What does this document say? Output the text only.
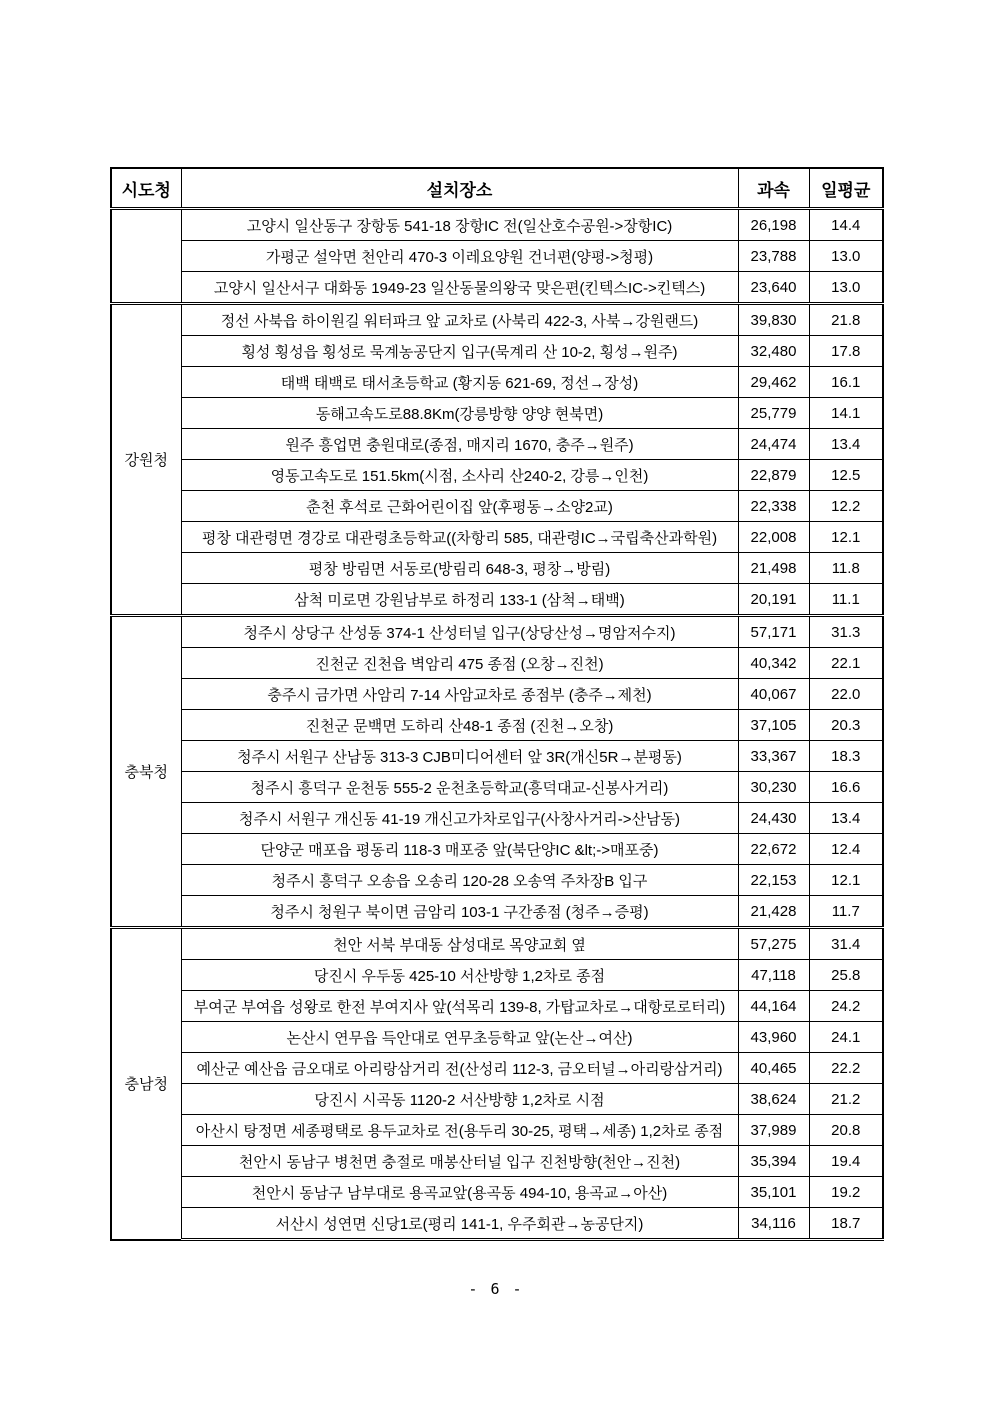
시도청	설치장소	과속	일평균
	고양시 일산동구 장항동 541-18 장항IC 전(일산호수공원->장항IC)	26,198	14.4
	가평군 설악면 천안리 470-3 이레요양원 건너편(양평->청평)	23,788	13.0
	고양시 일산서구 대화동 1949-23 일산동물의왕국 맞은편(킨텍스IC->킨텍스)	23,640	13.0
강원청	정선 사북읍 하이원길 워터파크 앞 교차로 (사북리 422-3, 사북→강원랜드)	39,830	21.8
	횡성 횡성읍 횡성로 묵계농공단지 입구(묵계리 산 10-2, 횡성→원주)	32,480	17.8
	태백 태백로 태서초등학교 (황지동 621-69, 정선→장성)	29,462	16.1
	동해고속도로88.8Km(강릉방향 양양 현북면)	25,779	14.1
	원주 흥업면 충원대로(종점, 매지리 1670, 충주→원주)	24,474	13.4
	영동고속도로 151.5km(시점, 소사리 산240-2, 강릉→인천)	22,879	12.5
	춘천 후석로 근화어린이집 앞(후평동→소양2교)	22,338	12.2
	평창 대관령면 경강로 대관령초등학교((차항리 585, 대관령IC→국립축산과학원)	22,008	12.1
	평창 방림면 서동로(방림리 648-3, 평창→방림)	21,498	11.8
	삼척 미로면 강원남부로 하정리 133-1 (삼척→태백)	20,191	11.1
충북청	청주시 상당구 산성동 374-1 산성터널 입구(상당산성→명암저수지)	57,171	31.3
	진천군 진천읍 벽암리 475 종점 (오창→진천)	40,342	22.1
	충주시 금가면 사암리 7-14 사암교차로 종점부 (충주→제천)	40,067	22.0
	진천군 문백면 도하리 산48-1 종점 (진천→오창)	37,105	20.3
	청주시 서원구 산남동 313-3 CJB미디어센터 앞 3R(개신5R→분평동)	33,367	18.3
	청주시 흥덕구 운천동 555-2 운천초등학교(흥덕대교-신봉사거리)	30,230	16.6
	청주시 서원구 개신동 41-19 개신고가차로입구(사창사거리->산남동)	24,430	13.4
	단양군 매포읍 평동리 118-3 매포중 앞(북단양IC &lt;->매포중)	22,672	12.4
	청주시 흥덕구 오송읍 오송리 120-28 오송역 주차장B 입구	22,153	12.1
	청주시 청원구 북이면 금암리 103-1 구간종점 (청주→증평)	21,428	11.7
충남청	천안 서북 부대동 삼성대로 목양교회 옆	57,275	31.4
	당진시 우두동 425-10 서산방향 1,2차로 종점	47,118	25.8
	부여군 부여읍 성왕로 한전 부여지사 앞(석목리 139-8, 가탑교차로→대항로로터리)	44,164	24.2
	논산시 연무읍 득안대로 연무초등학교 앞(논산→여산)	43,960	24.1
	예산군 예산읍 금오대로 아리랑삼거리 전(산성리 112-3, 금오터널→아리랑삼거리)	40,465	22.2
	당진시 시곡동 1120-2 서산방향 1,2차로 시점	38,624	21.2
	아산시 탕정면 세종평택로 용두교차로 전(용두리 30-25, 평택→세종) 1,2차로 종점	37,989	20.8
	천안시 동남구 병천면 충절로 매봉산터널 입구 진천방향(천안→진천)	35,394	19.4
	천안시 동남구 남부대로 용곡교앞(용곡동 494-10, 용곡교→아산)	35,101	19.2
	서산시 성연면 신당1로(평리 141-1, 우주회관→농공단지)	34,116	18.7
- 6 -
